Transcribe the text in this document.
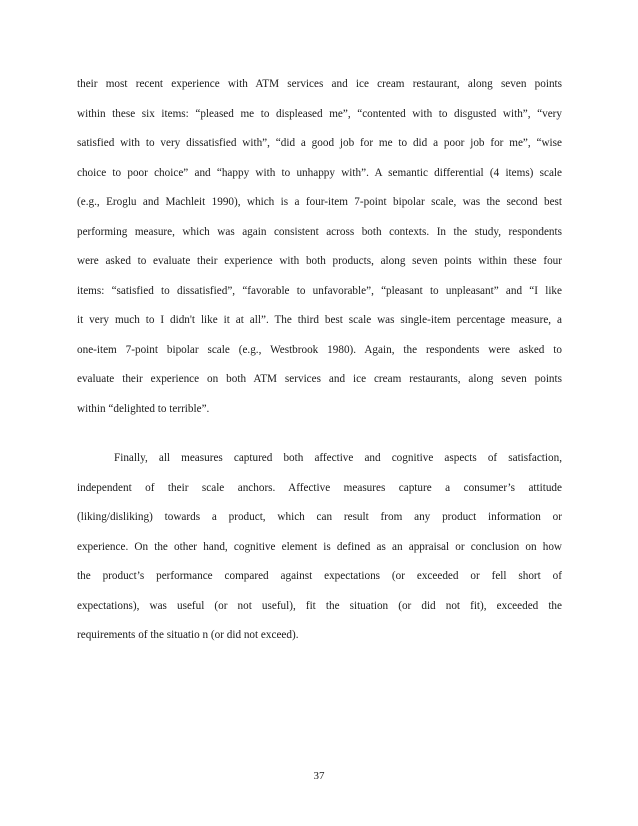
their most recent experience with ATM services and ice cream restaurant, along seven points
within these six items: “pleased me to displeased me”, “contented with to disgusted with”, “very
satisfied with to very dissatisfied with”, “did a good job for me to did a poor job for me”, “wise
choice to poor choice” and “happy with to unhappy with”. A semantic differential (4 items) scale
(e.g., Eroglu and Machleit 1990), which is a four-item 7-point bipolar scale, was the second best
performing measure, which was again consistent across both contexts. In the study, respondents
were asked to evaluate their experience with both products, along seven points within these four
items: “satisfied to dissatisfied”, “favorable to unfavorable”, “pleasant to unpleasant” and “I like
it very much to I didn't like it at all”. The third best scale was single-item percentage measure, a
one-item 7-point bipolar scale (e.g., Westbrook 1980). Again, the respondents were asked to
evaluate their experience on both ATM services and ice cream restaurants, along seven points
within “delighted to terrible”.
Finally, all measures captured both affective and cognitive aspects of satisfaction,
independent of their scale anchors. Affective measures capture a consumer’s attitude
(liking/disliking) towards a product, which can result from any product information or
experience. On the other hand, cognitive element is defined as an appraisal or conclusion on how
the product’s performance compared against expectations (or exceeded or fell short of
expectations), was useful (or not useful), fit the situation (or did not fit), exceeded the
requirements of the situatio n (or did not exceed).
37
